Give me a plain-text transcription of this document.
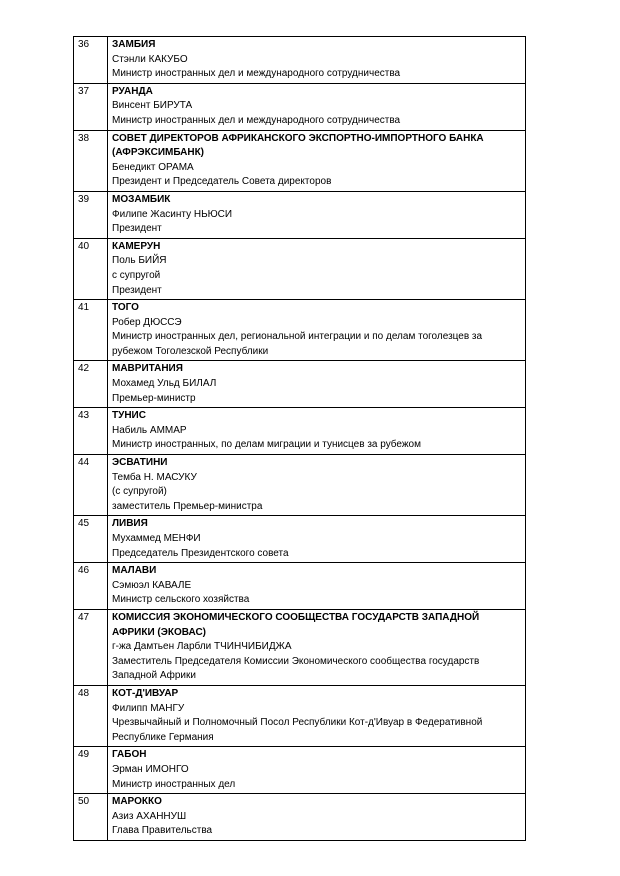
36	ЗАМБИЯ
Стэнли КАКУБО
Министр иностранных дел и международного сотрудничества

37	РУАНДА
Винсент БИРУТА
Министр иностранных дел и международного сотрудничества

38	СОВЕТ ДИРЕКТОРОВ АФРИКАНСКОГО ЭКСПОРТНО-ИМПОРТНОГО БАНКА (АФРЭКСИМБАНК)
Бенедикт ОРАМА
Президент и Председатель Совета директоров

39	МОЗАМБИК
Филипе Жасинту НЬЮСИ
Президент

40	КАМЕРУН
Поль БИЙЯ
с супругой
Президент

41	ТОГО
Робер ДЮССЭ
Министр иностранных дел, региональной интеграции и по делам тоголезцев за рубежом Тоголезской Республики

42	МАВРИТАНИЯ
Мохамед Ульд БИЛАЛ
Премьер-министр

43	ТУНИС
Набиль АММАР
Министр иностранных, по делам миграции и тунисцев за рубежом

44	ЭСВАТИНИ
Темба Н. МАСУКУ
(с супругой)
заместитель Премьер-министра

45	ЛИВИЯ
Мухаммед МЕНФИ
Председатель Президентского совета

46	МАЛАВИ
Сэмюэл КАВАЛЕ
Министр сельского хозяйства

47	КОМИССИЯ ЭКОНОМИЧЕСКОГО СООБЩЕСТВА ГОСУДАРСТВ ЗАПАДНОЙ АФРИКИ (ЭКОВАС)
г-жа Дамтьен Ларбли ТЧИНЧИБИДЖА
Заместитель Председателя Комиссии Экономического сообщества государств Западной Африки

48	КОТ-Д'ИВУАР
Филипп МАНГУ
Чрезвычайный и Полномочный Посол Республики Кот-д'Ивуар в Федеративной Республике Германия

49	ГАБОН
Эрман ИМОНГО
Министр иностранных дел

50	МАРОККО
Азиз АХАННУШ
Глава Правительства
